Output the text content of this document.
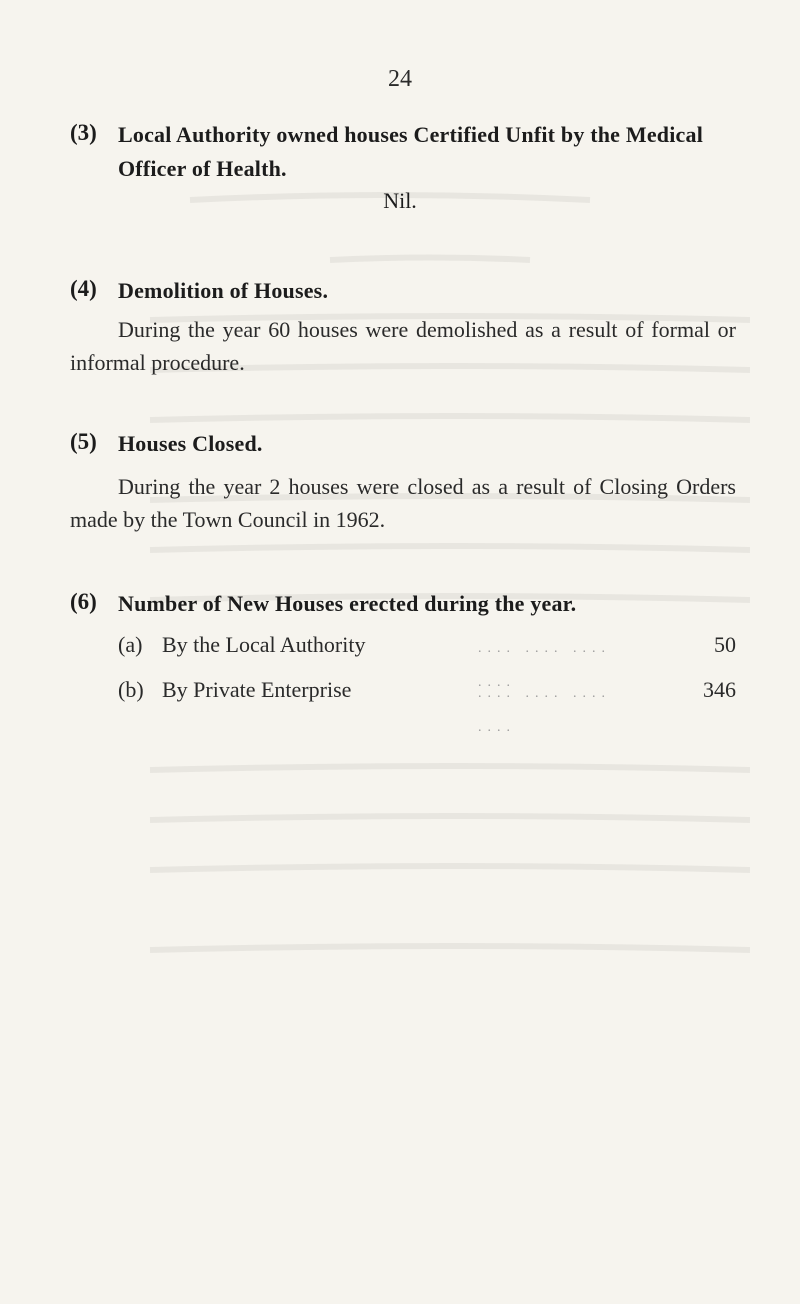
24
(3) Local Authority owned houses Certified Unfit by the Medical
Officer of Health.
Nil.
(4) Demolition of Houses.
During the year 60 houses were demolished as a result of formal or informal procedure.
(5) Houses Closed.
During the year 2 houses were closed as a result of Closing Orders made by the Town Council in 1962.
(6) Number of New Houses erected during the year.
(a) By the Local Authority	.... .... .... ....
50
(b) By Private Enterprise	.... .... .... ....
346
